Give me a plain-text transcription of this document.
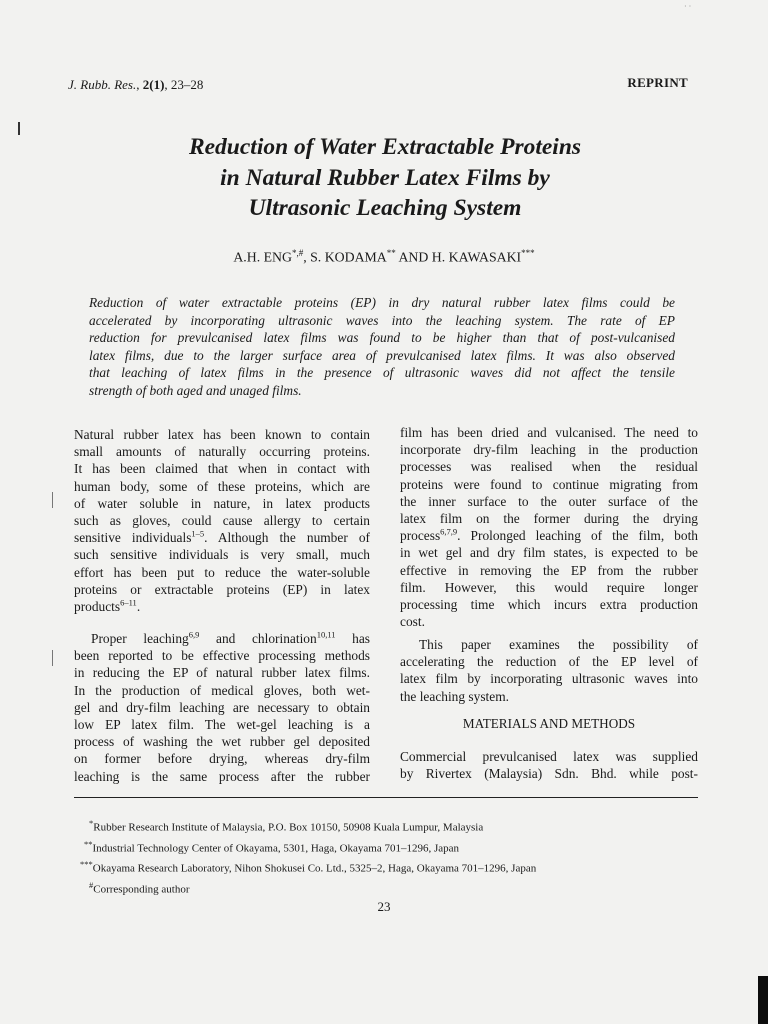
· ·
J. Rubb. Res., 2(1), 23–28	REPRINT
Reduction of Water Extractable Proteins
in Natural Rubber Latex Films by
Ultrasonic Leaching System
A.H. ENG*,#, S. KODAMA** AND H. KAWASAKI***
Reduction of water extractable proteins (EP) in dry natural rubber latex films could be
accelerated by incorporating ultrasonic waves into the leaching system. The rate of EP
reduction for prevulcanised latex films was found to be higher than that of post-vulcanised
latex films, due to the larger surface area of prevulcanised latex films. It was also observed
that leaching of latex films in the presence of ultrasonic waves did not affect the tensile
strength of both aged and unaged films.
Natural rubber latex has been known to contain
small amounts of naturally occurring proteins.
It has been claimed that when in contact with
human body, some of these proteins, which are
of water soluble in nature, in latex products
such as gloves, could cause allergy to certain
sensitive individuals$^{1-5}$. Although the number of
such sensitive individuals is very small, much
effort has been put to reduce the water-soluble
proteins or extractable proteins (EP) in latex
products$^{6-11}$.
Proper leaching$^{6,9}$ and chlorination$^{10,11}$ has
been reported to be effective processing methods
in reducing the EP of natural rubber latex films.
In the production of medical gloves, both wet-
gel and dry-film leaching are necessary to obtain
low EP latex film. The wet-gel leaching is a
process of washing the wet rubber gel deposited
on former before drying, whereas dry-film
leaching is the same process after the rubber
film has been dried and vulcanised. The need to
incorporate dry-film leaching in the production
processes was realised when the residual
proteins were found to continue migrating from
the inner surface to the outer surface of the
latex film on the former during the drying
process$^{6,7,9}$. Prolonged leaching of the film, both
in wet gel and dry film states, is expected to be
effective in removing the EP from the rubber
film. However, this would require longer
processing time which incurs extra production
cost.
This paper examines the possibility of
accelerating the reduction of the EP level of
latex film by incorporating ultrasonic waves into
the leaching system.
MATERIALS AND METHODS
Commercial prevulcanised latex was supplied
by Rivertex (Malaysia) Sdn. Bhd. while post-
*Rubber Research Institute of Malaysia, P.O. Box 10150, 50908 Kuala Lumpur, Malaysia
**Industrial Technology Center of Okayama, 5301, Haga, Okayama 701–1296, Japan
***Okayama Research Laboratory, Nihon Shokusei Co. Ltd., 5325–2, Haga, Okayama 701–1296, Japan
#Corresponding author
23
